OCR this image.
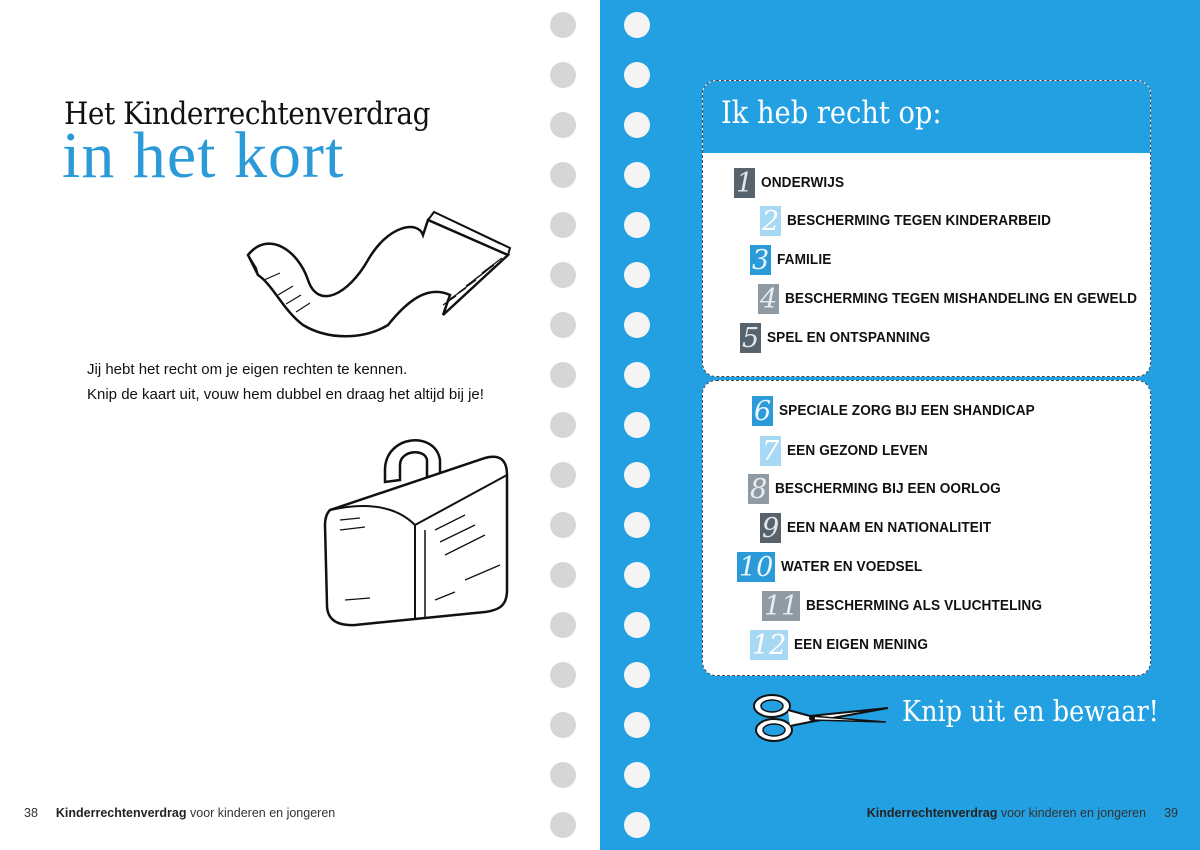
Het Kinderrechtenverdrag
in het kort
Jij hebt het recht om je eigen rechten te kennen.
Knip de kaart uit, vouw hem dubbel en draag het altijd bij je!
38 Kinderrechtenverdrag voor kinderen en jongeren
Ik heb recht op:
1 ONDERWIJS
2 BESCHERMING TEGEN KINDERARBEID
3 FAMILIE
4 BESCHERMING TEGEN MISHANDELING EN GEWELD
5 SPEL EN ONTSPANNING
6 SPECIALE ZORG BIJ EEN SHANDICAP
7 EEN GEZOND LEVEN
8 BESCHERMING BIJ EEN OORLOG
9 EEN NAAM EN NATIONALITEIT
10 WATER EN VOEDSEL
11 BESCHERMING ALS VLUCHTELING
12 EEN EIGEN MENING
Knip uit en bewaar!
Kinderrechtenverdrag voor kinderen en jongeren 39
